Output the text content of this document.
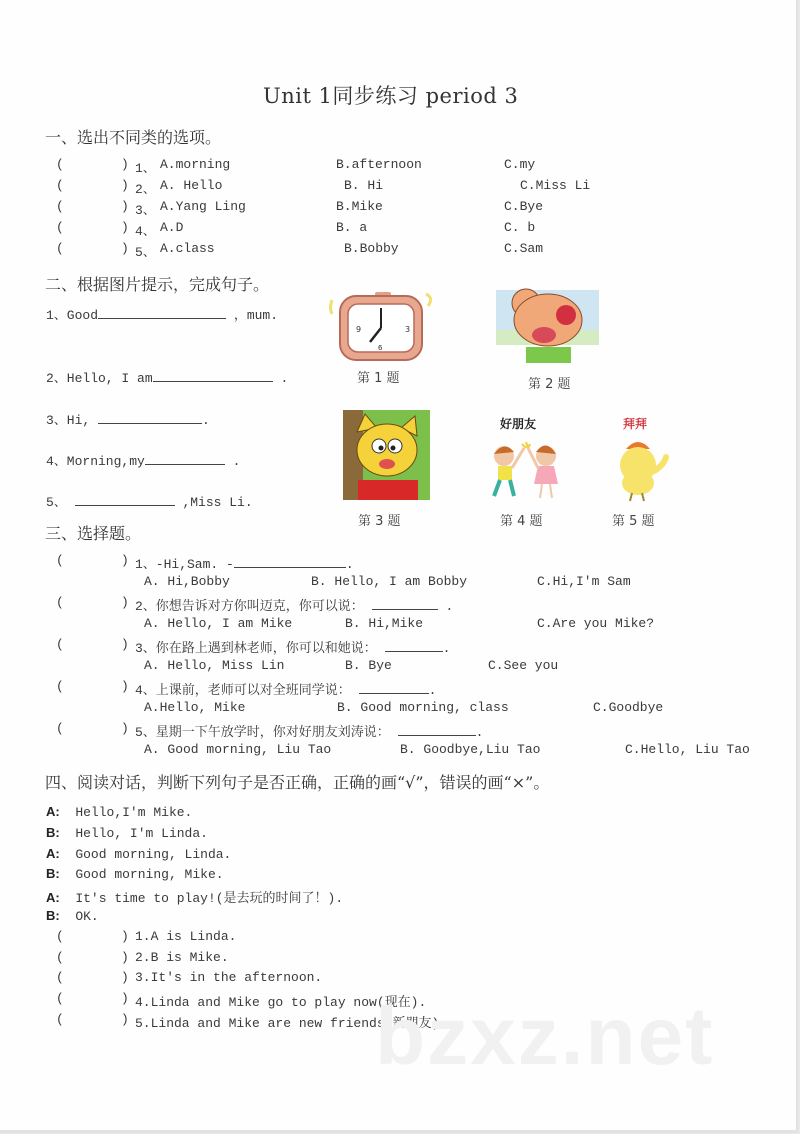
Unit 1同步练习 period 3
一、选出不同类的选项。
(	) 1、 A.morning	B.afternoon	C.my
(	) 2、 A. Hello	B. Hi	C.Miss Li
(	) 3、 A.Yang Ling	B.Mike	C.Bye
(	) 4、 A.D	B. a	C. b
(	) 5、 A.class	B.Bobby	C.Sam
二、根据图片提示，完成句子。
1、Good	，mum.
2、Hello, I am	.
3、Hi,	.
4、Morning,my	.
5、	,Miss Li.
9	3
6
第 1 题	第 2 题
第 3 题
好朋友
第 4 题
拜拜
第 5 题
三、选择题。
(	) 1、-Hi,Sam. -	.
A. Hi,Bobby	B. Hello, I am Bobby	C.Hi,I'm Sam
(	) 2、你想告诉对方你叫迈克，你可以说：	.
A. Hello, I am Mike	B. Hi,Mike	C.Are you Mike?
(	) 3、你在路上遇到林老师，你可以和她说：	.
A. Hello, Miss Lin	B. Bye	C.See you
(	) 4、上课前，老师可以对全班同学说：	.
A.Hello, Mike	B. Good morning, class	C.Goodbye
(	) 5、星期一下午放学时，你对好朋友刘涛说：	.
A. Good morning, Liu Tao	B. Goodbye,Liu Tao	C.Hello, Liu Tao
四、阅读对话，判断下列句子是否正确，正确的画“√”，错误的画“×”。
A: Hello,I'm Mike.
B: Hello, I'm Linda.
A: Good morning, Linda.
B: Good morning, Mike.
A: It's time to play!(是去玩的时间了！).
B: OK.
(	) 1.A is Linda.
(	) 2.B is Mike.
(	) 3.It's in the afternoon.
(	) 4.Linda and Mike go to play now(现在).
(	) 5.Linda and Mike are new friends(新朋友).
bzxz.net
